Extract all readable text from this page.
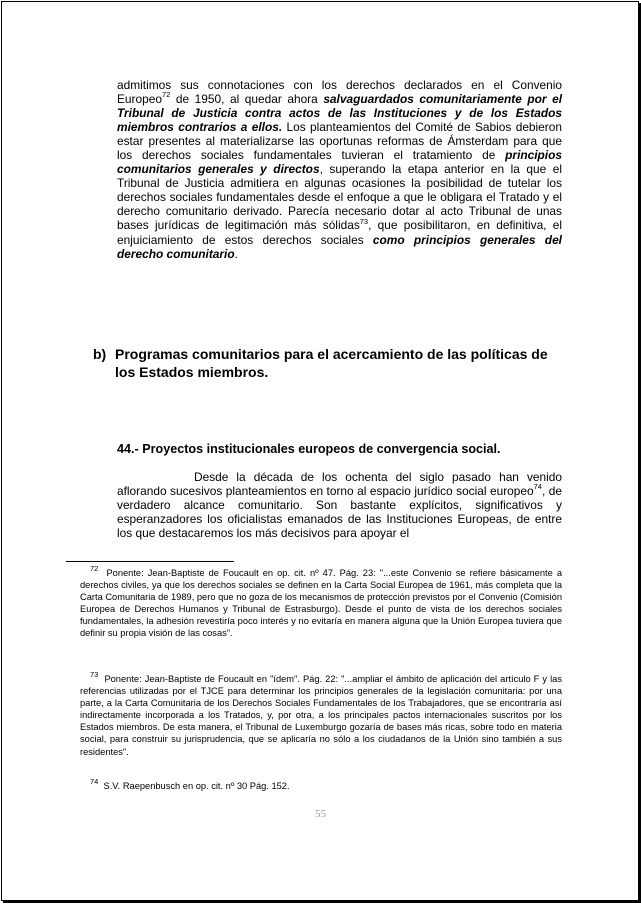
admitimos sus connotaciones con los derechos declarados en el Convenio Europeo$^{72}$ de 1950, al quedar ahora salvaguardados comunitariamente por el Tribunal de Justicia contra actos de las Instituciones y de los Estados miembros contrarios a ellos. Los planteamientos del Comité de Sabios debieron estar presentes al materializarse las oportunas reformas de Ámsterdam para que los derechos sociales fundamentales tuvieran el tratamiento de principios comunitarios generales y directos, superando la etapa anterior en la que el Tribunal de Justicia admitiera en algunas ocasiones la posibilidad de tutelar los derechos sociales fundamentales desde el enfoque a que le obligara el Tratado y el derecho comunitario derivado. Parecía necesario dotar al acto Tribunal de unas bases jurídicas de legitimación más sólidas$^{73}$, que posibilitaron, en definitiva, el enjuiciamiento de estos derechos sociales como principios generales del derecho comunitario.

b) Programas comunitarios para el acercamiento de las políticas de los Estados miembros.
44.- Proyectos institucionales europeos de convergencia social.

Desde la década de los ochenta del siglo pasado han venido aflorando sucesivos planteamientos en torno al espacio jurídico social europeo$^{74}$, de verdadero alcance comunitario. Son bastante explícitos, significativos y esperanzadores los oficialistas emanados de las Instituciones Europeas, de entre los que destacaremos los más decisivos para apoyar el

$^{72}$ Ponente: Jean-Baptiste de Foucault en op. cit. nº 47. Pág. 23: "...este Convenio se refiere básicamente a derechos civiles, ya que los derechos sociales se definen en la Carta Social Europea de 1961, más completa que la Carta Comunitaria de 1989, pero que no goza de los mecanismos de protección previstos por el Convenio (Comisión Europea de Derechos Humanos y Tribunal de Estrasburgo). Desde el punto de vista de los derechos sociales fundamentales, la adhesión revestiría poco interés y no evitaría en manera alguna que la Unión Europea tuviera que definir su propia visión de las cosas".
$^{73}$ Ponente: Jean-Baptiste de Foucault en "ídem". Pág. 22: "...ampliar el ámbito de aplicación del artículo F y las referencias utilizadas por el TJCE para determinar los principios generales de la legislación comunitaria: por una parte, a la Carta Comunitaria de los Derechos Sociales Fundamentales de los Trabajadores, que se encontraría así indirectamente incorporada a los Tratados, y, por otra, a los principales pactos internacionales suscritos por los Estados miembros. De esta manera, el Tribunal de Luxemburgo gozaría de bases más ricas, sobre todo en materia social, para construir su jurisprudencia, que se aplicaría no sólo a los ciudadanos de la Unión sino también a sus residentes".
$^{74}$ S.V. Raepenbusch en op. cit. nº 30 Pág. 152.
55
